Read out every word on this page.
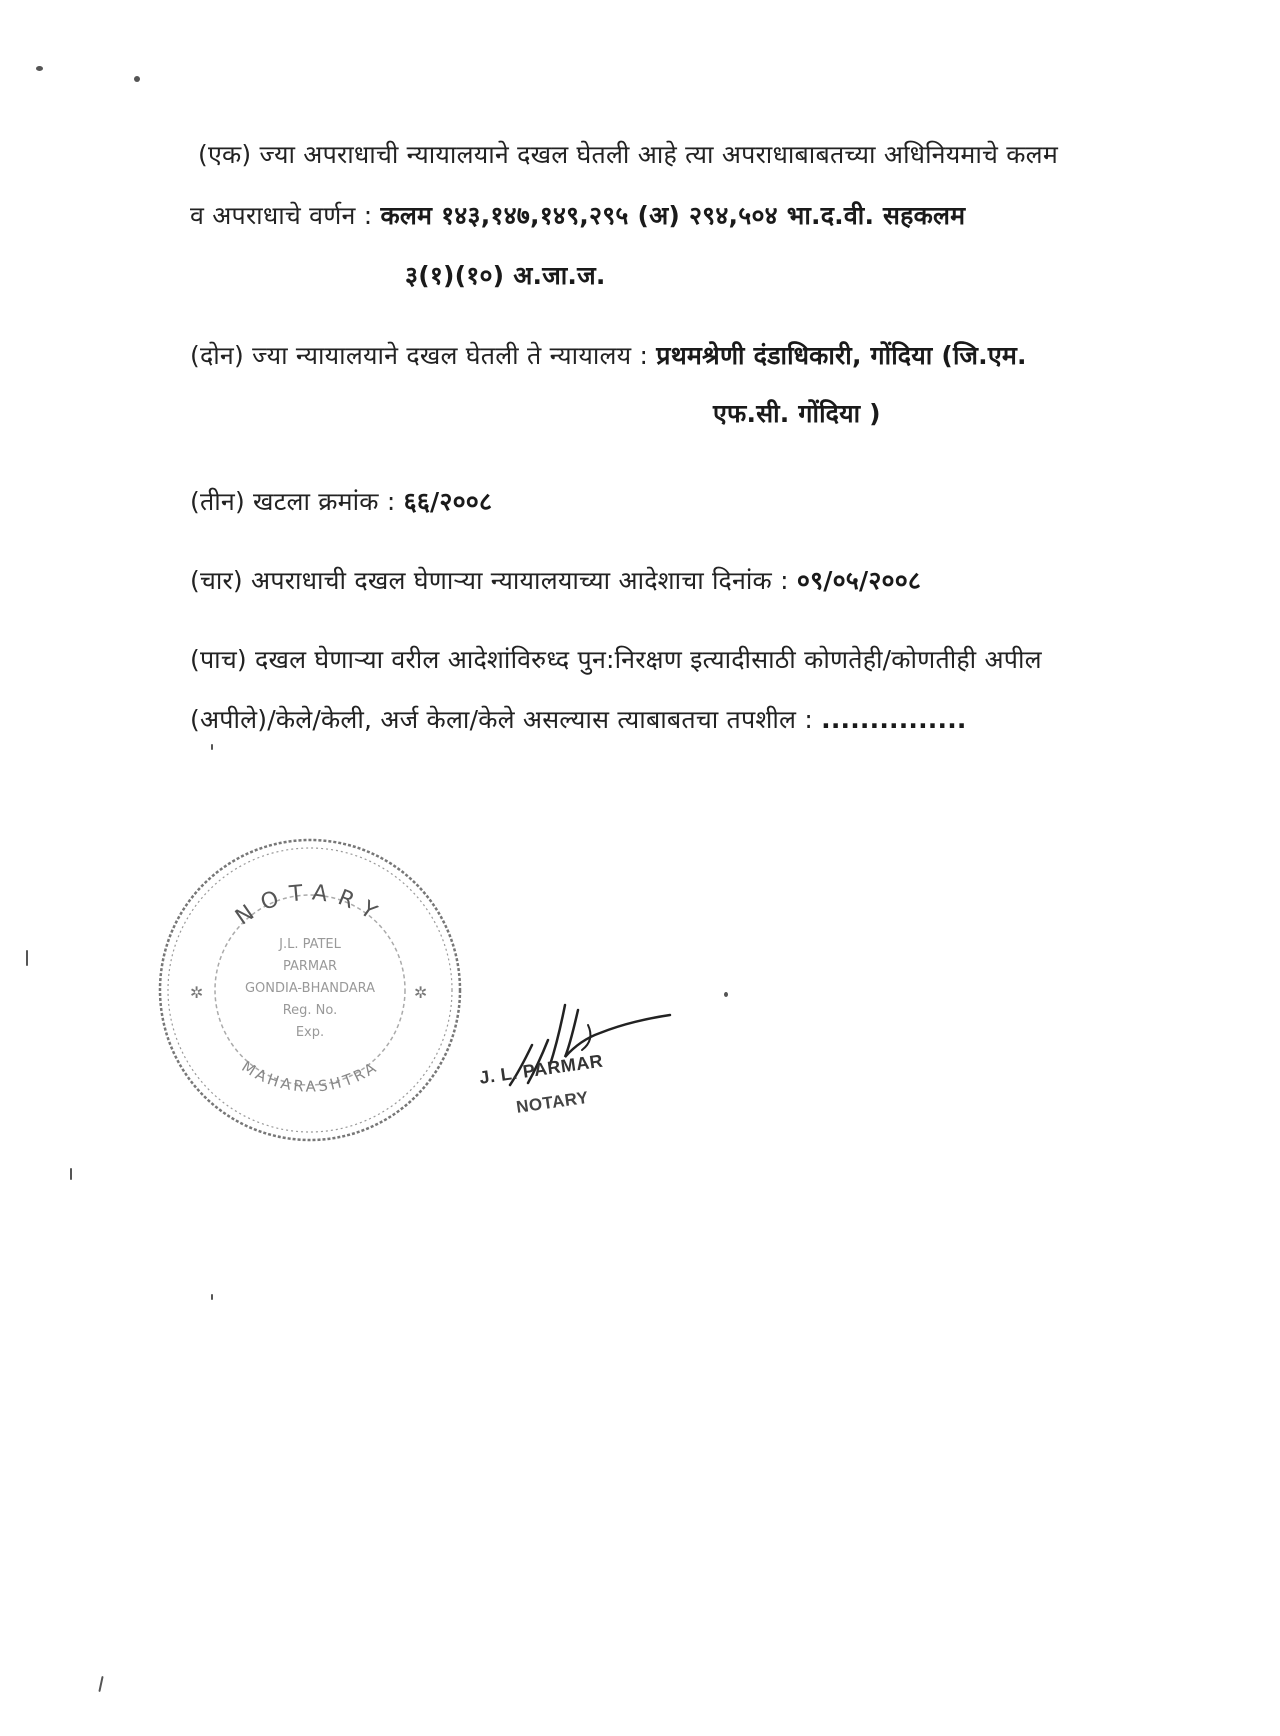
(एक) ज्या अपराधाची न्यायालयाने दखल घेतली आहे त्या अपराधाबाबतच्या अधिनियमाचे कलम
व अपराधाचे वर्णन : कलम १४३,१४७,१४९,२९५ (अ) २९४,५०४ भा.द.वी. सहकलम
३(१)(१०) अ.जा.ज.
(दोन) ज्या न्यायालयाने दखल घेतली ते न्यायालय : प्रथमश्रेणी दंडाधिकारी, गोंदिया (जि.एम.
एफ.सी. गोंदिया )
(तीन) खटला क्रमांक : ६६/२००८
(चार) अपराधाची दखल घेणाऱ्या न्यायालयाच्या आदेशाचा दिनांक : ०९/०५/२००८
(पाच) दखल घेणाऱ्या वरील आदेशांविरुध्द पुन:निरक्षण इत्यादीसाठी कोणतेही/कोणतीही अपील
(अपीले)/केले/केली, अर्ज केला/केले असल्यास त्याबाबतचा तपशील : ...............
NOTARY
MAHARASHTRA
J.L. PATEL
PARMAR
GONDIA-BHANDARA
Reg. No.
Exp.
✲	✲
J. L. PARMAR
NOTARY
